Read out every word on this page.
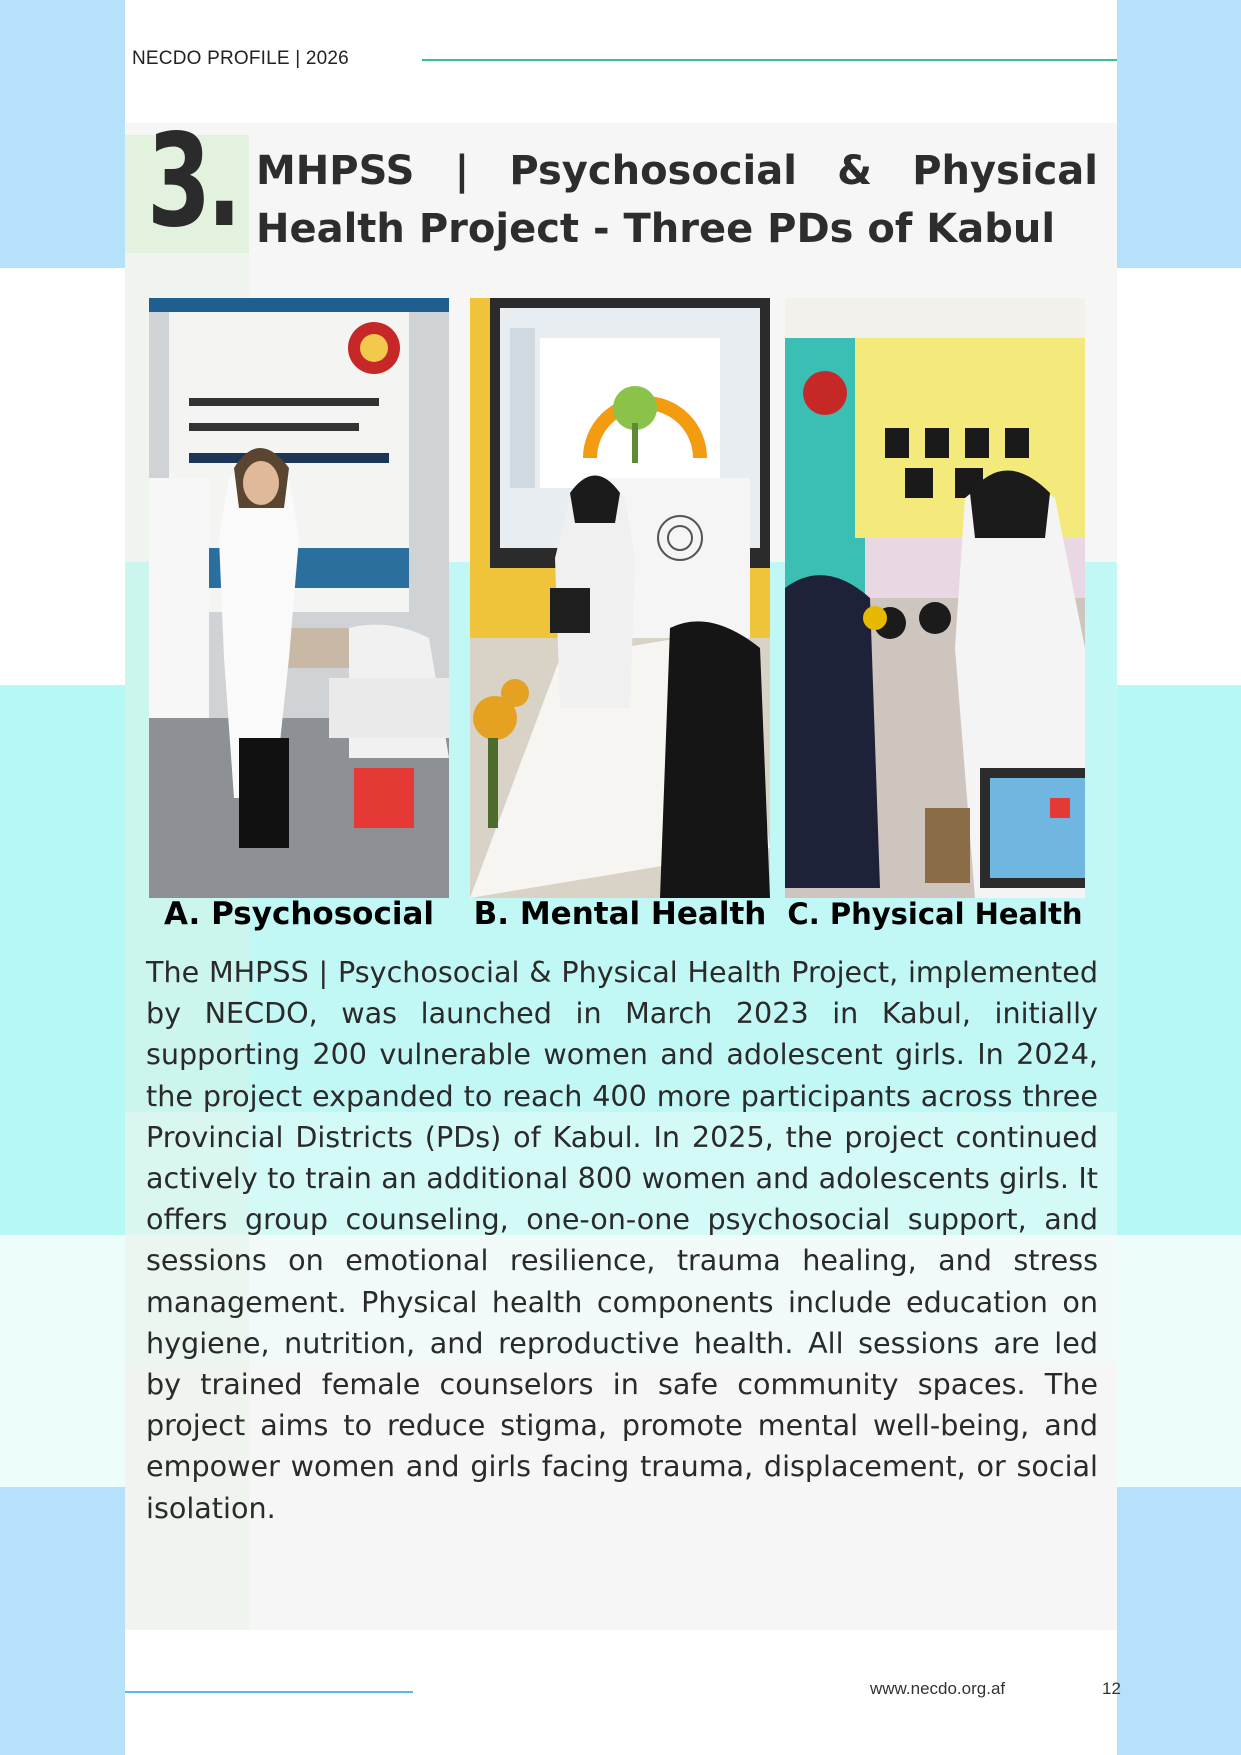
NECDO PROFILE | 2026
3. MHPSS | Psychosocial & Physical Health Project - Three PDs of Kabul
A. Psychosocial	B. Mental Health C. Physical Health

The MHPSS | Psychosocial & Physical Health Project, implemented by NECDO, was launched in March 2023 in Kabul, initially supporting 200 vulnerable women and adolescent girls. In 2024, the project expanded to reach 400 more participants across three Provincial Districts (PDs) of Kabul. In 2025, the project continued actively to train an additional 800 women and adolescents girls. It offers group counseling, one-on-one psychosocial support, and sessions on emotional resilience, trauma healing, and stress management. Physical health components include education on hygiene, nutrition, and reproductive health. All sessions are led by trained female counselors in safe community spaces. The project aims to reduce stigma, promote mental well-being, and empower women and girls facing trauma, displacement, or social isolation.

www.necdo.org.af	12
